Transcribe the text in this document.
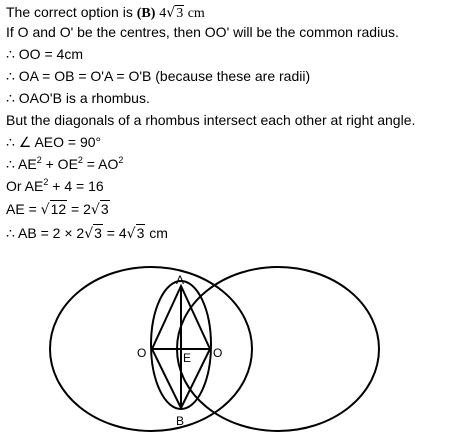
The correct option is (B) 4√3 cm
If O and O' be the centres, then OO' will be the common radius.
∴ OO = 4cm
∴ OA = OB = O'A = O'B (because these are radii)
∴ OAO'B is a rhombus.
But the diagonals of a rhombus intersect each other at right angle.
∴ ∠ AEO = 90°
∴ $AE^2 + OE^2 = AO^2$
Or $AE^2 + 4 = 16$
AE = √12 = 2√3
∴ AB = 2 × 2√3 = 4√3 cm
A
B
O	O
E
